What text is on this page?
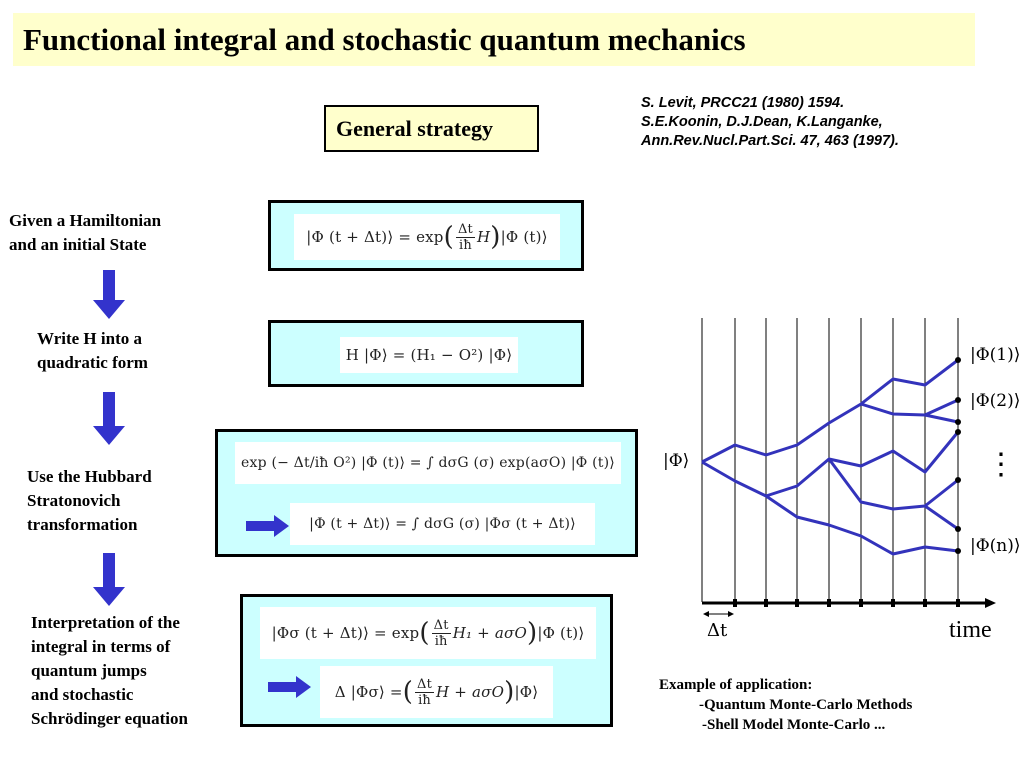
Functional integral and stochastic quantum mechanics
General strategy
S. Levit, PRCC21 (1980) 1594.
S.E.Koonin, D.J.Dean, K.Langanke,
Ann.Rev.Nucl.Part.Sci. 47, 463 (1997).
Given a Hamiltonian
and an initial State
Write H into a
quadratic form
Use the Hubbard
Stratonovich
transformation
Interpretation of the
integral in terms of
quantum jumps
and stochastic
Schrödinger equation
|Φ (t + Δt)⟩ = exp ( $\frac{\Delta t}{iħ}$ H ) |Φ (t)⟩
H |Φ⟩ = (H₁ − O²) |Φ⟩
exp (− Δt/iħ O²) |Φ (t)⟩ = ∫ dσG (σ) exp(aσO) |Φ (t)⟩
|Φ (t + Δt)⟩ = ∫ dσG (σ) |Φσ (t + Δt)⟩
|Φσ (t + Δt)⟩ = exp ( $\frac{\Delta t}{iħ} H_1 + a\sigma O$ ) |Φ (t)⟩
Δ |Φσ⟩ = ( $\frac{\Delta t}{iħ}$ H + aσO ) |Φ⟩
|Φ⟩
|Φ(1)⟩
|Φ(2)⟩
⋮
|Φ(n)⟩
Δt	time
Example of application:
-Quantum Monte-Carlo Methods
-Shell Model Monte-Carlo ...
